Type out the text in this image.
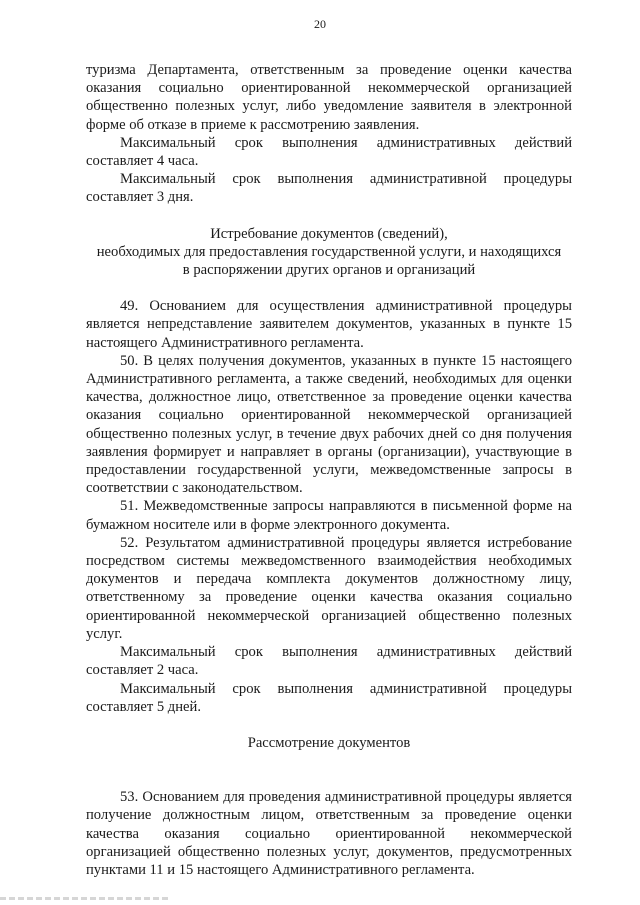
20

туризма Департамента, ответственным за проведение оценки качества оказания социально ориентированной некоммерческой организацией общественно полезных услуг, либо уведомление заявителя в электронной форме об отказе в приеме к рассмотрению заявления.

Максимальный срок выполнения административных действий составляет 4 часа.

Максимальный срок выполнения административной процедуры составляет 3 дня.

Истребование документов (сведений),
необходимых для предоставления государственной услуги, и находящихся
в распоряжении других органов и организаций

49. Основанием для осуществления административной процедуры является непредставление заявителем документов, указанных в пункте 15 настоящего Административного регламента.

50. В целях получения документов, указанных в пункте 15 настоящего Административного регламента, а также сведений, необходимых для оценки качества, должностное лицо, ответственное за проведение оценки качества оказания социально ориентированной некоммерческой организацией общественно полезных услуг, в течение двух рабочих дней со дня получения заявления формирует и направляет в органы (организации), участвующие в предоставлении государственной услуги, межведомственные запросы в соответствии с законодательством.

51. Межведомственные запросы направляются в письменной форме на бумажном носителе или в форме электронного документа.

52. Результатом административной процедуры является истребование посредством системы межведомственного взаимодействия необходимых документов и передача комплекта документов должностному лицу, ответственному за проведение оценки качества оказания социально ориентированной некоммерческой организацией общественно полезных услуг.

Максимальный срок выполнения административных действий составляет 2 часа.

Максимальный срок выполнения административной процедуры составляет 5 дней.

Рассмотрение документов

53. Основанием для проведения административной процедуры является получение должностным лицом, ответственным за проведение оценки качества оказания социально ориентированной некоммерческой организацией общественно полезных услуг, документов, предусмотренных пунктами 11 и 15 настоящего Административного регламента.
